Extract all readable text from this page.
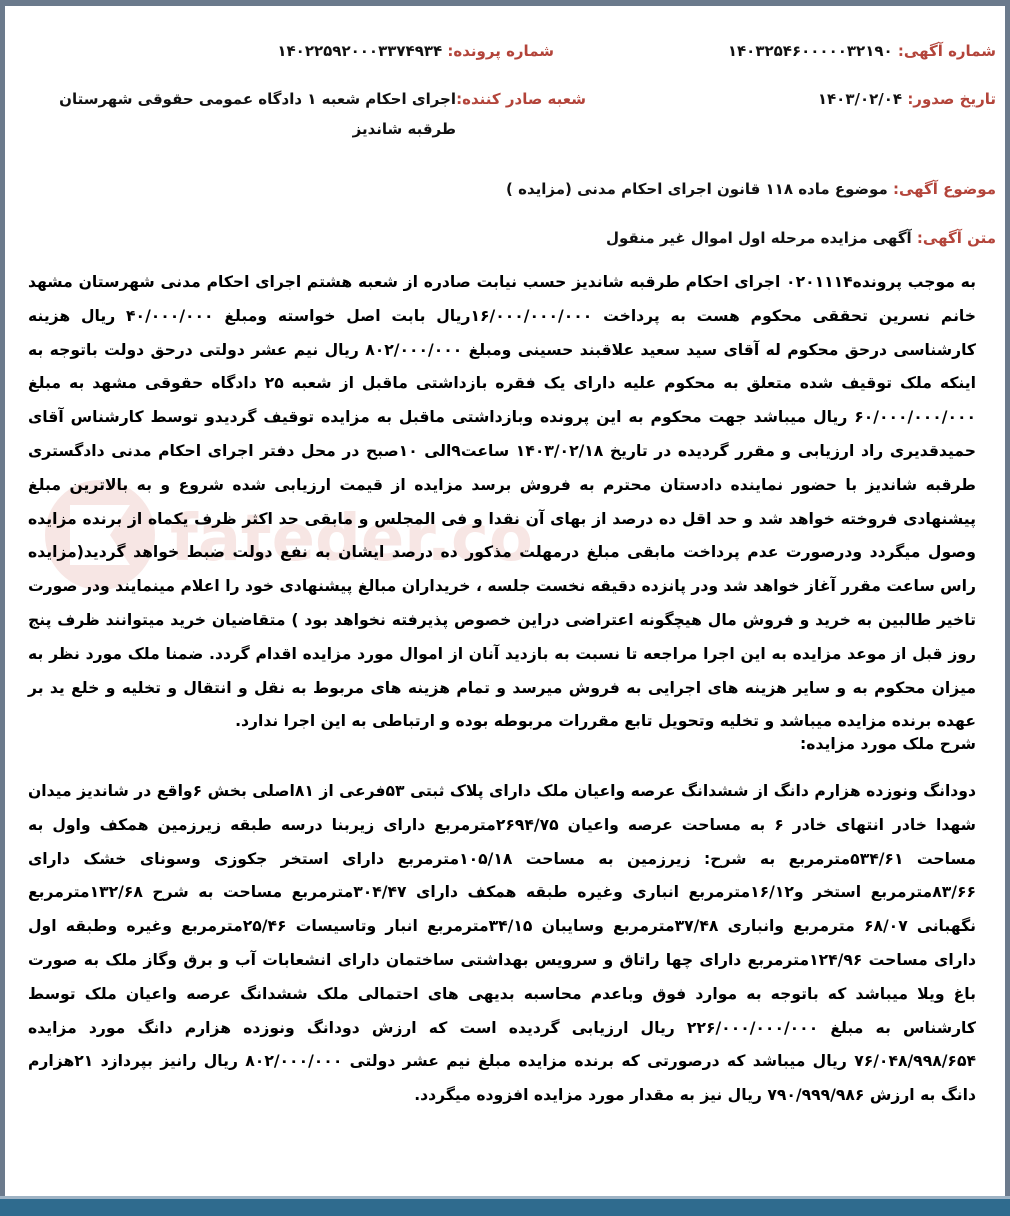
fateder.co
شماره آگهی: ۱۴۰۳۲۵۴۶۰۰۰۰۰۳۲۱۹۰
شماره پرونده: ۱۴۰۲۲۵۹۲۰۰۰۳۳۷۴۹۳۴
تاریخ صدور: ۱۴۰۳/۰۲/۰۴
شعبه صادر کننده:
اجرای احکام شعبه ۱ دادگاه عمومی حقوقی شهرستان طرقبه شاندیز
موضوع آگهی: موضوع ماده ۱۱۸ قانون اجرای احکام مدنی (مزایده )
متن آگهی: آگهی مزایده مرحله اول اموال غیر منقول
به موجب پرونده۰۲۰۱۱۱۴ اجرای احکام طرقبه شاندیز حسب نیابت صادره از شعبه هشتم اجرای احکام مدنی شهرستان مشهد خانم نسرین تحققی محکوم هست به پرداخت ۱۶/۰۰۰/۰۰۰/۰۰۰ریال بابت اصل خواسته ومبلغ ۴۰/۰۰۰/۰۰۰ ریال هزینه کارشناسی درحق محکوم له آقای سید سعید علاقبند حسینی ومبلغ ۸۰۲/۰۰۰/۰۰۰ ریال نیم عشر دولتی درحق دولت باتوجه به اینکه ملک توقیف شده متعلق به محکوم علیه دارای یک فقره بازداشتی ماقبل از شعبه ۲۵ دادگاه حقوقی مشهد به مبلغ ۶۰/۰۰۰/۰۰۰/۰۰۰ ریال میباشد جهت محکوم به این پرونده وبازداشتی ماقبل به مزایده توقیف گردیدو توسط کارشناس آقای حمیدقدیری راد ارزیابی و مقرر گردیده در تاریخ ۱۴۰۳/۰۲/۱۸ ساعت۹الی ۱۰صبح در محل دفتر اجرای احکام مدنی دادگستری طرقبه شاندیز با حضور نماینده دادستان محترم به فروش برسد مزایده از قیمت ارزیابی شده شروع و به بالاترین مبلغ پیشنهادی فروخته خواهد شد و حد اقل ده درصد از بهای آن نقدا و فی المجلس و مابقی حد اکثر ظرف یکماه از برنده مزایده وصول میگردد ودرصورت عدم پرداخت مابقی مبلغ درمهلت مذکور ده درصد ایشان به نفع دولت ضبط خواهد گردید(مزایده راس ساعت مقرر آغاز خواهد شد ودر پانزده دقیقه نخست جلسه ، خریداران مبالغ پیشنهادی خود را اعلام مینمایند ودر صورت تاخیر طالبین به خرید و فروش مال هیچگونه اعتراضی دراین خصوص پذیرفته نخواهد بود ) متقاضیان خرید میتوانند ظرف پنج روز قبل از موعد مزایده به این اجرا مراجعه تا نسبت به بازدید آنان از اموال مورد مزایده اقدام گردد. ضمنا ملک مورد نظر به میزان محکوم به و سایر هزینه های اجرایی به فروش میرسد و تمام هزینه های مربوط به نقل و انتقال و تخلیه و خلع ید بر عهده برنده مزایده میباشد و تخلیه وتحویل تابع مقررات مربوطه بوده و ارتباطی به این اجرا ندارد.
شرح ملک مورد مزایده:
دودانگ ونوزده هزارم دانگ از ششدانگ عرصه واعیان ملک دارای پلاک ثبتی ۵۳فرعی از ۸۱اصلی بخش ۶واقع در شاندیز میدان شهدا خادر انتهای خادر ۶ به مساحت عرصه واعیان ۲۶۹۴/۷۵مترمربع دارای زیربنا درسه طبقه زیرزمین همکف واول به مساحت ۵۳۴/۶۱مترمربع به شرح: زیرزمین به مساحت ۱۰۵/۱۸مترمربع دارای استخر جکوزی وسونای خشک دارای ۸۳/۶۶مترمربع استخر و۱۶/۱۲مترمربع انباری وغیره طبقه همکف دارای ۳۰۴/۴۷مترمربع مساحت به شرح ۱۳۲/۶۸مترمربع نگهبانی ۶۸/۰۷ مترمربع وانباری ۳۷/۴۸مترمربع وسایبان ۳۴/۱۵مترمربع انبار وتاسیسات ۲۵/۴۶مترمربع وغیره وطبقه اول دارای مساحت ۱۲۴/۹۶مترمربع دارای چها راتاق و سرویس بهداشتی ساختمان دارای انشعابات آب و برق وگاز ملک به صورت باغ ویلا میباشد که باتوجه به موارد فوق وباعدم محاسبه بدیهی های احتمالی ملک ششدانگ عرصه واعیان ملک توسط کارشناس به مبلغ ۲۲۶/۰۰۰/۰۰۰/۰۰۰ ریال ارزیابی گردیده است که ارزش دودانگ ونوزده هزارم دانگ مورد مزایده ۷۶/۰۴۸/۹۹۸/۶۵۴ ریال میباشد که درصورتی که برنده مزایده مبلغ نیم عشر دولتی ۸۰۲/۰۰۰/۰۰۰ ریال رانیز بپردازد ۲۱هزارم دانگ به ارزش ۷۹۰/۹۹۹/۹۸۶ ریال نیز به مقدار مورد مزایده افزوده میگردد.
